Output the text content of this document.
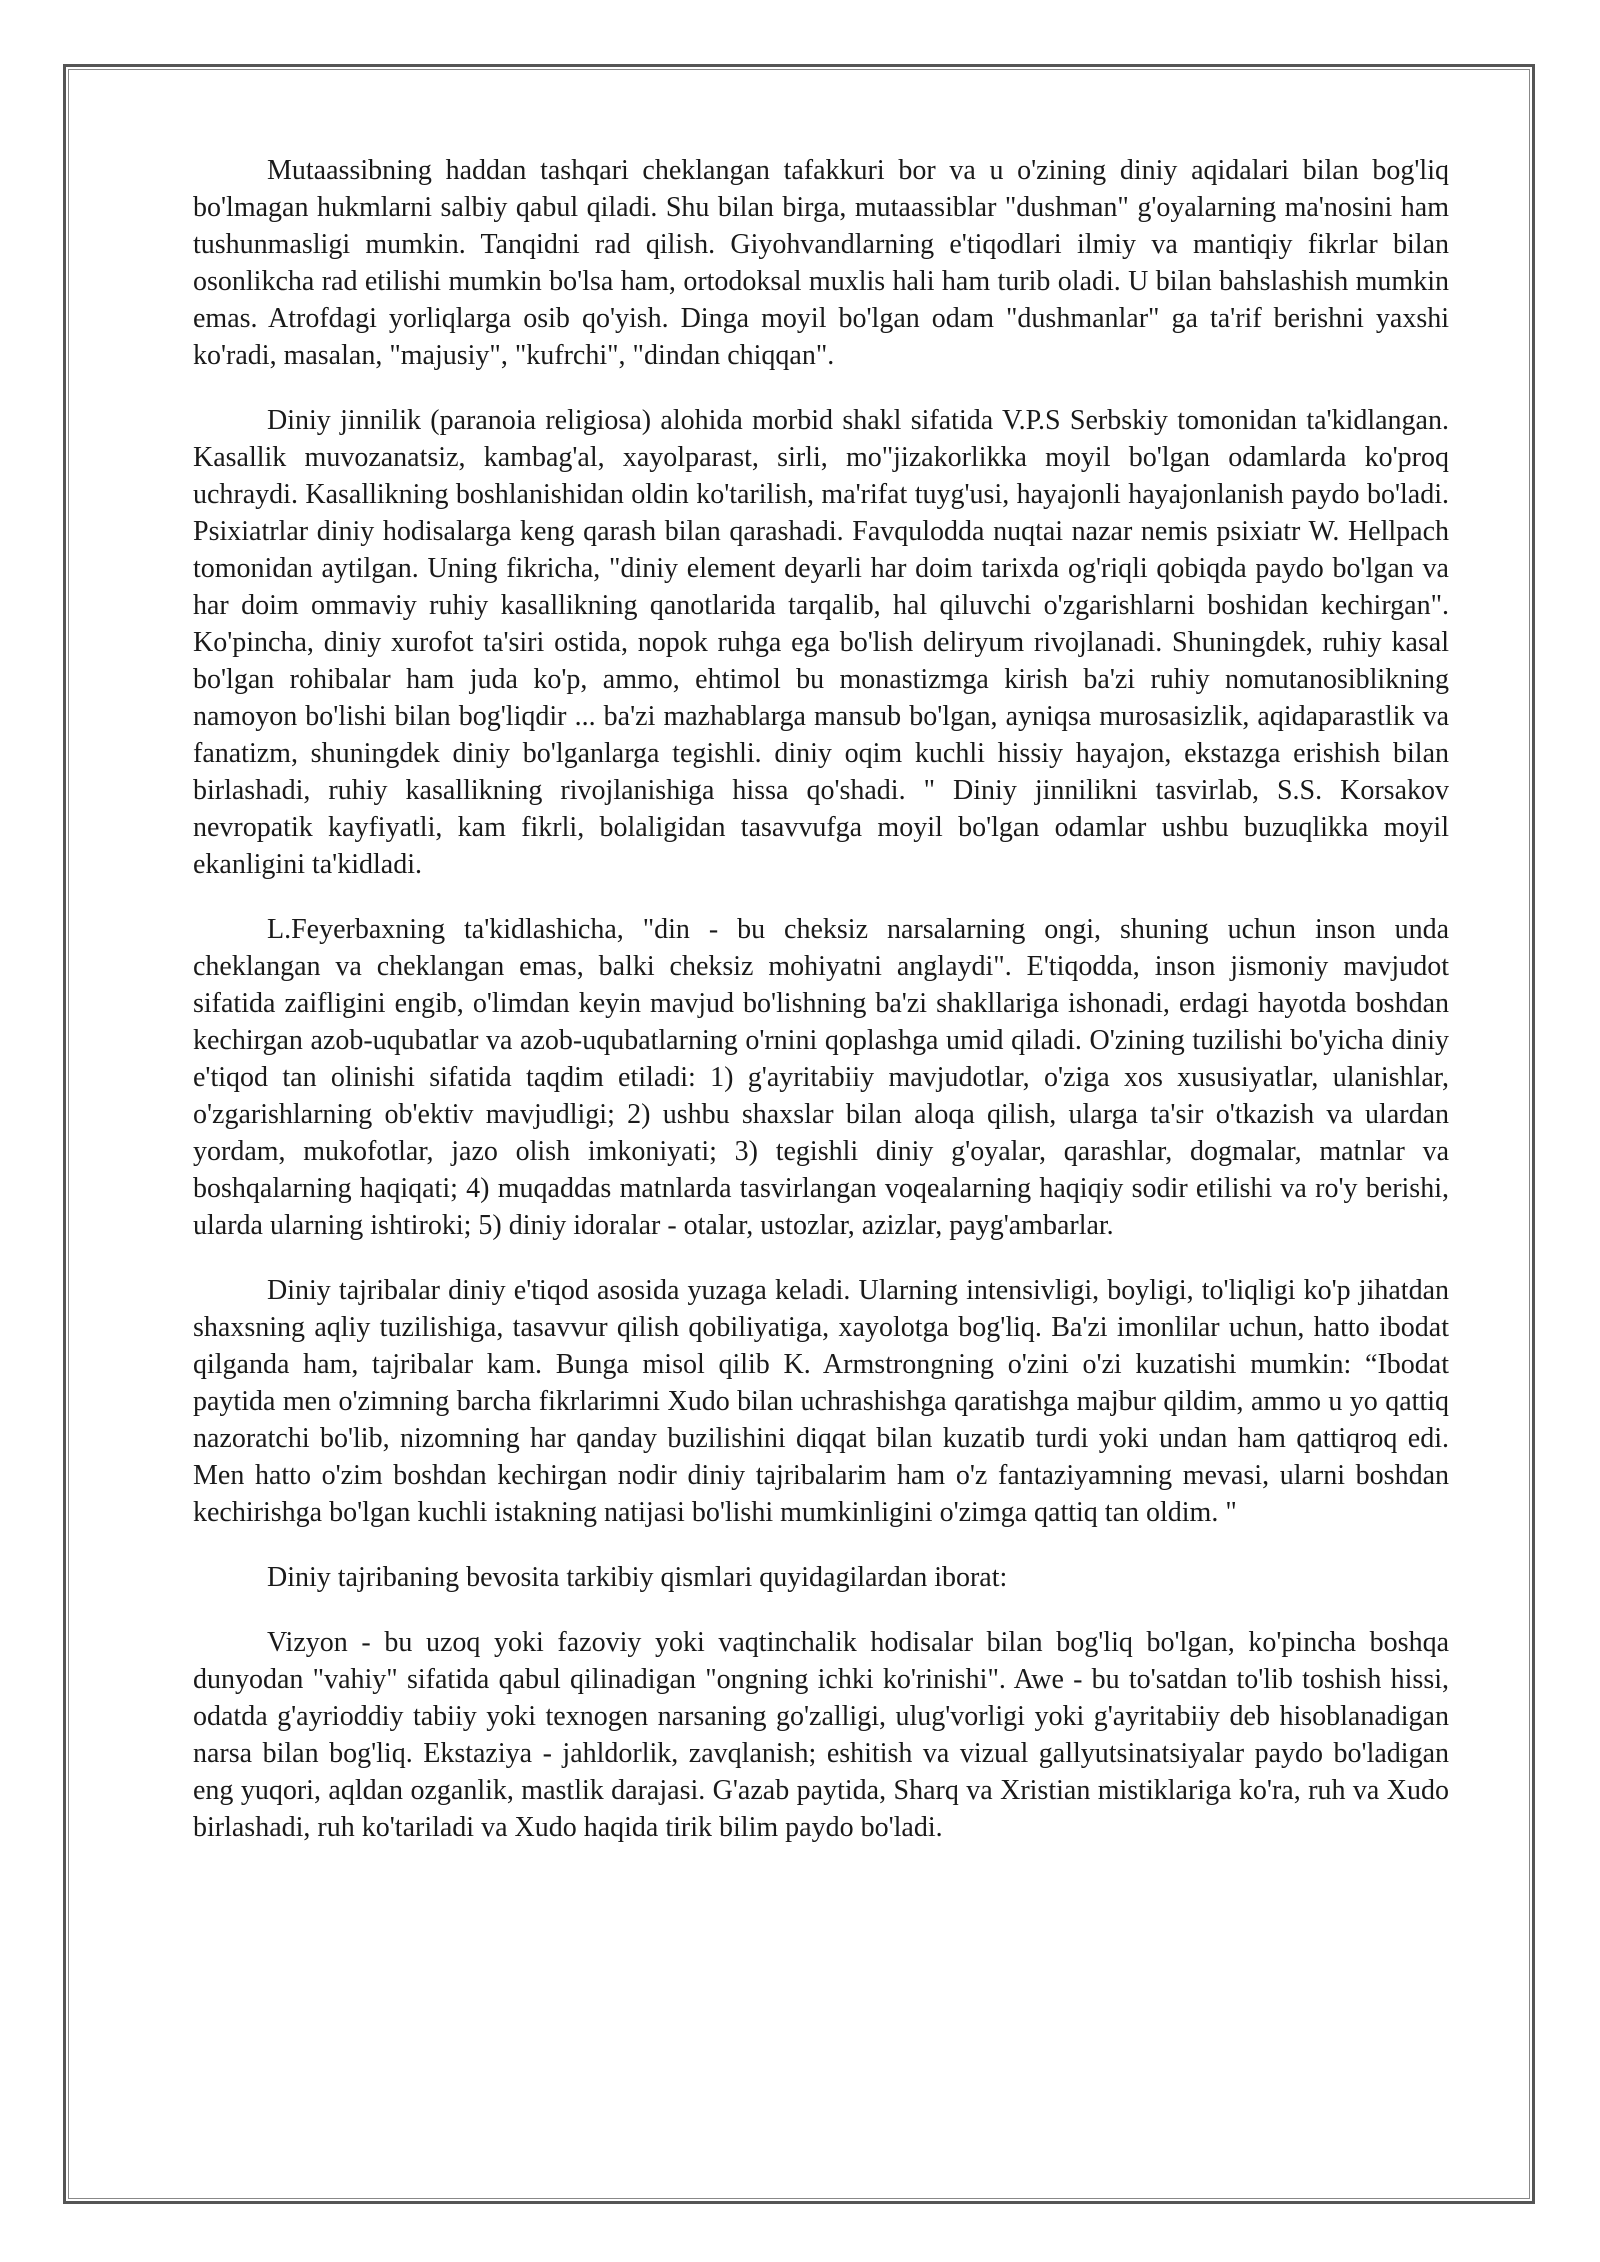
Mutaassibning haddan tashqari cheklangan tafakkuri bor va u o'zining diniy aqidalari bilan bog'liq bo'lmagan hukmlarni salbiy qabul qiladi. Shu bilan birga, mutaassiblar "dushman" g'oyalarning ma'nosini ham tushunmasligi mumkin. Tanqidni rad qilish. Giyohvandlarning e'tiqodlari ilmiy va mantiqiy fikrlar bilan osonlikcha rad etilishi mumkin bo'lsa ham, ortodoksal muxlis hali ham turib oladi. U bilan bahslashish mumkin emas. Atrofdagi yorliqlarga osib qo'yish. Dinga moyil bo'lgan odam "dushmanlar" ga ta'rif berishni yaxshi ko'radi, masalan, "majusiy", "kufrchi", "dindan chiqqan".

Diniy jinnilik (paranoia religiosa) alohida morbid shakl sifatida V.P.S Serbskiy tomonidan ta'kidlangan. Kasallik muvozanatsiz, kambag'al, xayolparast, sirli, mo"jizakorlikka moyil bo'lgan odamlarda ko'proq uchraydi. Kasallikning boshlanishidan oldin ko'tarilish, ma'rifat tuyg'usi, hayajonli hayajonlanish paydo bo'ladi. Psixiatrlar diniy hodisalarga keng qarash bilan qarashadi. Favqulodda nuqtai nazar nemis psixiatr W. Hellpach tomonidan aytilgan. Uning fikricha, "diniy element deyarli har doim tarixda og'riqli qobiqda paydo bo'lgan va har doim ommaviy ruhiy kasallikning qanotlarida tarqalib, hal qiluvchi o'zgarishlarni boshidan kechirgan". Ko'pincha, diniy xurofot ta'siri ostida, nopok ruhga ega bo'lish deliryum rivojlanadi. Shuningdek, ruhiy kasal bo'lgan rohibalar ham juda ko'p, ammo, ehtimol bu monastizmga kirish ba'zi ruhiy nomutanosiblikning namoyon bo'lishi bilan bog'liqdir ... ba'zi mazhablarga mansub bo'lgan, ayniqsa murosasizlik, aqidaparastlik va fanatizm, shuningdek diniy bo'lganlarga tegishli. diniy oqim kuchli hissiy hayajon, ekstazga erishish bilan birlashadi, ruhiy kasallikning rivojlanishiga hissa qo'shadi. " Diniy jinnilikni tasvirlab, S.S. Korsakov nevropatik kayfiyatli, kam fikrli, bolaligidan tasavvufga moyil bo'lgan odamlar ushbu buzuqlikka moyil ekanligini ta'kidladi.

L.Feyerbaxning ta'kidlashicha, "din - bu cheksiz narsalarning ongi, shuning uchun inson unda cheklangan va cheklangan emas, balki cheksiz mohiyatni anglaydi". E'tiqodda, inson jismoniy mavjudot sifatida zaifligini engib, o'limdan keyin mavjud bo'lishning ba'zi shakllariga ishonadi, erdagi hayotda boshdan kechirgan azob-uqubatlar va azob-uqubatlarning o'rnini qoplashga umid qiladi. O'zining tuzilishi bo'yicha diniy e'tiqod tan olinishi sifatida taqdim etiladi: 1) g'ayritabiiy mavjudotlar, o'ziga xos xususiyatlar, ulanishlar, o'zgarishlarning ob'ektiv mavjudligi; 2) ushbu shaxslar bilan aloqa qilish, ularga ta'sir o'tkazish va ulardan yordam, mukofotlar, jazo olish imkoniyati; 3) tegishli diniy g'oyalar, qarashlar, dogmalar, matnlar va boshqalarning haqiqati; 4) muqaddas matnlarda tasvirlangan voqealarning haqiqiy sodir etilishi va ro'y berishi, ularda ularning ishtiroki; 5) diniy idoralar - otalar, ustozlar, azizlar, payg'ambarlar.

Diniy tajribalar diniy e'tiqod asosida yuzaga keladi. Ularning intensivligi, boyligi, to'liqligi ko'p jihatdan shaxsning aqliy tuzilishiga, tasavvur qilish qobiliyatiga, xayolotga bog'liq. Ba'zi imonlilar uchun, hatto ibodat qilganda ham, tajribalar kam. Bunga misol qilib K. Armstrongning o'zini o'zi kuzatishi mumkin: “Ibodat paytida men o'zimning barcha fikrlarimni Xudo bilan uchrashishga qaratishga majbur qildim, ammo u yo qattiq nazoratchi bo'lib, nizomning har qanday buzilishini diqqat bilan kuzatib turdi yoki undan ham qattiqroq edi. Men hatto o'zim boshdan kechirgan nodir diniy tajribalarim ham o'z fantaziyamning mevasi, ularni boshdan kechirishga bo'lgan kuchli istakning natijasi bo'lishi mumkinligini o'zimga qattiq tan oldim. "

Diniy tajribaning bevosita tarkibiy qismlari quyidagilardan iborat:

Vizyon - bu uzoq yoki fazoviy yoki vaqtinchalik hodisalar bilan bog'liq bo'lgan, ko'pincha boshqa dunyodan "vahiy" sifatida qabul qilinadigan "ongning ichki ko'rinishi". Awe - bu to'satdan to'lib toshish hissi, odatda g'ayrioddiy tabiiy yoki texnogen narsaning go'zalligi, ulug'vorligi yoki g'ayritabiiy deb hisoblanadigan narsa bilan bog'liq. Ekstaziya - jahldorlik, zavqlanish; eshitish va vizual gallyutsinatsiyalar paydo bo'ladigan eng yuqori, aqldan ozganlik, mastlik darajasi. G'azab paytida, Sharq va Xristian mistiklariga ko'ra, ruh va Xudo birlashadi, ruh ko'tariladi va Xudo haqida tirik bilim paydo bo'ladi.
